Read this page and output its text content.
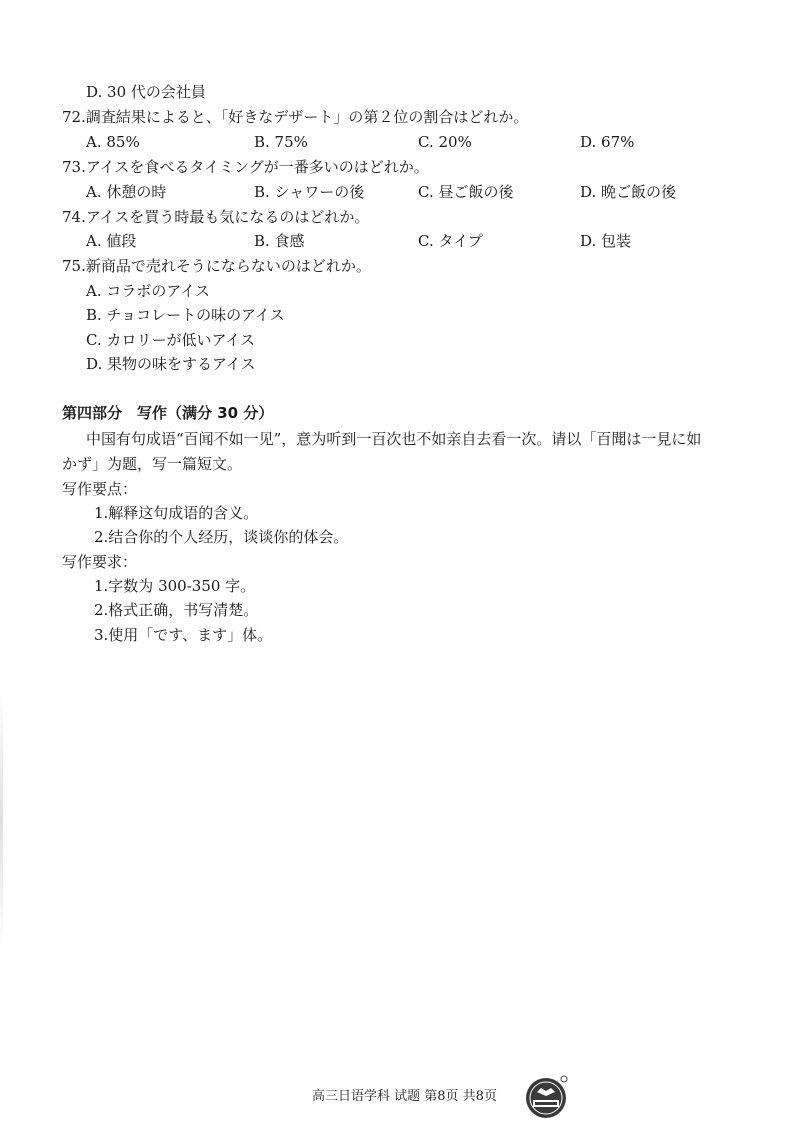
D. 30 代の会社員
72.調査結果によると、「好きなデザート」の第２位の割合はどれか。
A. 85%	B. 75%	C. 20%	D. 67%
73.アイスを食べるタイミングが一番多いのはどれか。
A. 休憩の時	B. シャワーの後	C. 昼ご飯の後	D. 晩ご飯の後
74.アイスを買う時最も気になるのはどれか。
A. 値段	B. 食感	C. タイプ	D. 包装
75.新商品で売れそうにならないのはどれか。
A. コラボのアイス
B. チョコレートの味のアイス
C. カロリーが低いアイス
D. 果物の味をするアイス
第四部分　写作（满分 30 分）
中国有句成语“百闻不如一见”，意为听到一百次也不如亲自去看一次。请以「百聞は一見に如
かず」为题，写一篇短文。
写作要点：
1.解释这句成语的含义。
2.结合你的个人经历，谈谈你的体会。
写作要求：
1.字数为 300-350 字。
2.格式正确，书写清楚。
3.使用「です、ます」体。
高三日语学科 试题 第8页 共8页
